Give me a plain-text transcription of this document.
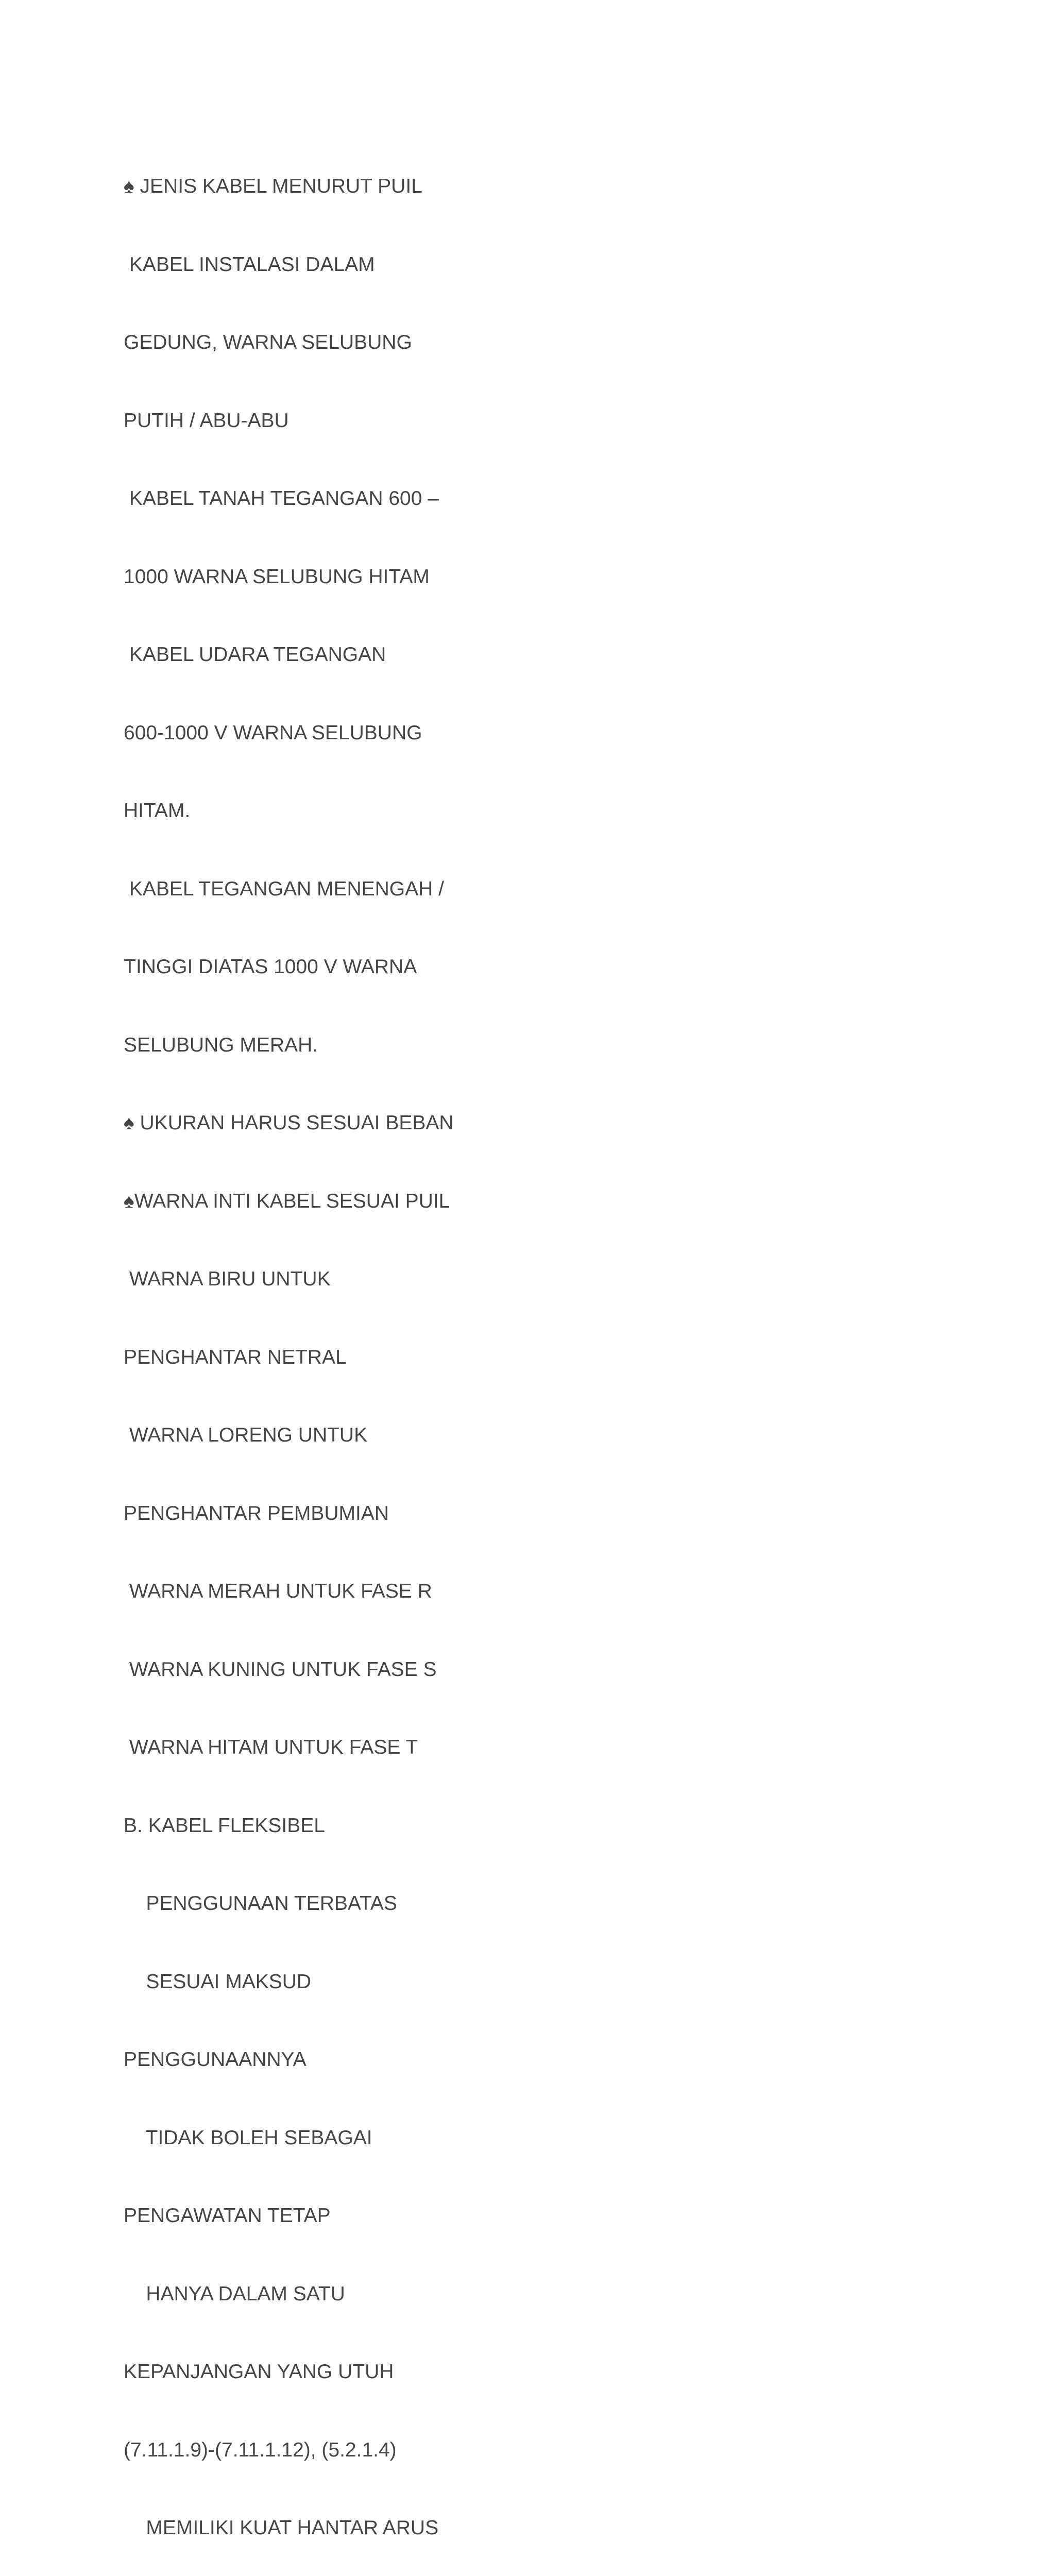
♠ JENIS KABEL MENURUT PUIL

KABEL INSTALASI DALAM

GEDUNG, WARNA SELUBUNG

PUTIH / ABU-ABU

KABEL TANAH TEGANGAN 600 –

1000 WARNA SELUBUNG HITAM

KABEL UDARA TEGANGAN

600-1000 V WARNA SELUBUNG

HITAM.

KABEL TEGANGAN MENENGAH /

TINGGI DIATAS 1000 V WARNA

SELUBUNG MERAH.

♠ UKURAN HARUS SESUAI BEBAN

♠WARNA INTI KABEL SESUAI PUIL

WARNA BIRU UNTUK

PENGHANTAR NETRAL

WARNA LORENG UNTUK

PENGHANTAR PEMBUMIAN

WARNA MERAH UNTUK FASE R

WARNA KUNING UNTUK FASE S

WARNA HITAM UNTUK FASE T

B. KABEL FLEKSIBEL

PENGGUNAAN TERBATAS

SESUAI MAKSUD

PENGGUNAANNYA

TIDAK BOLEH SEBAGAI

PENGAWATAN TETAP

HANYA DALAM SATU

KEPANJANGAN YANG UTUH

(7.11.1.9)-(7.11.1.12), (5.2.1.4)

MEMILIKI KUAT HANTAR ARUS
